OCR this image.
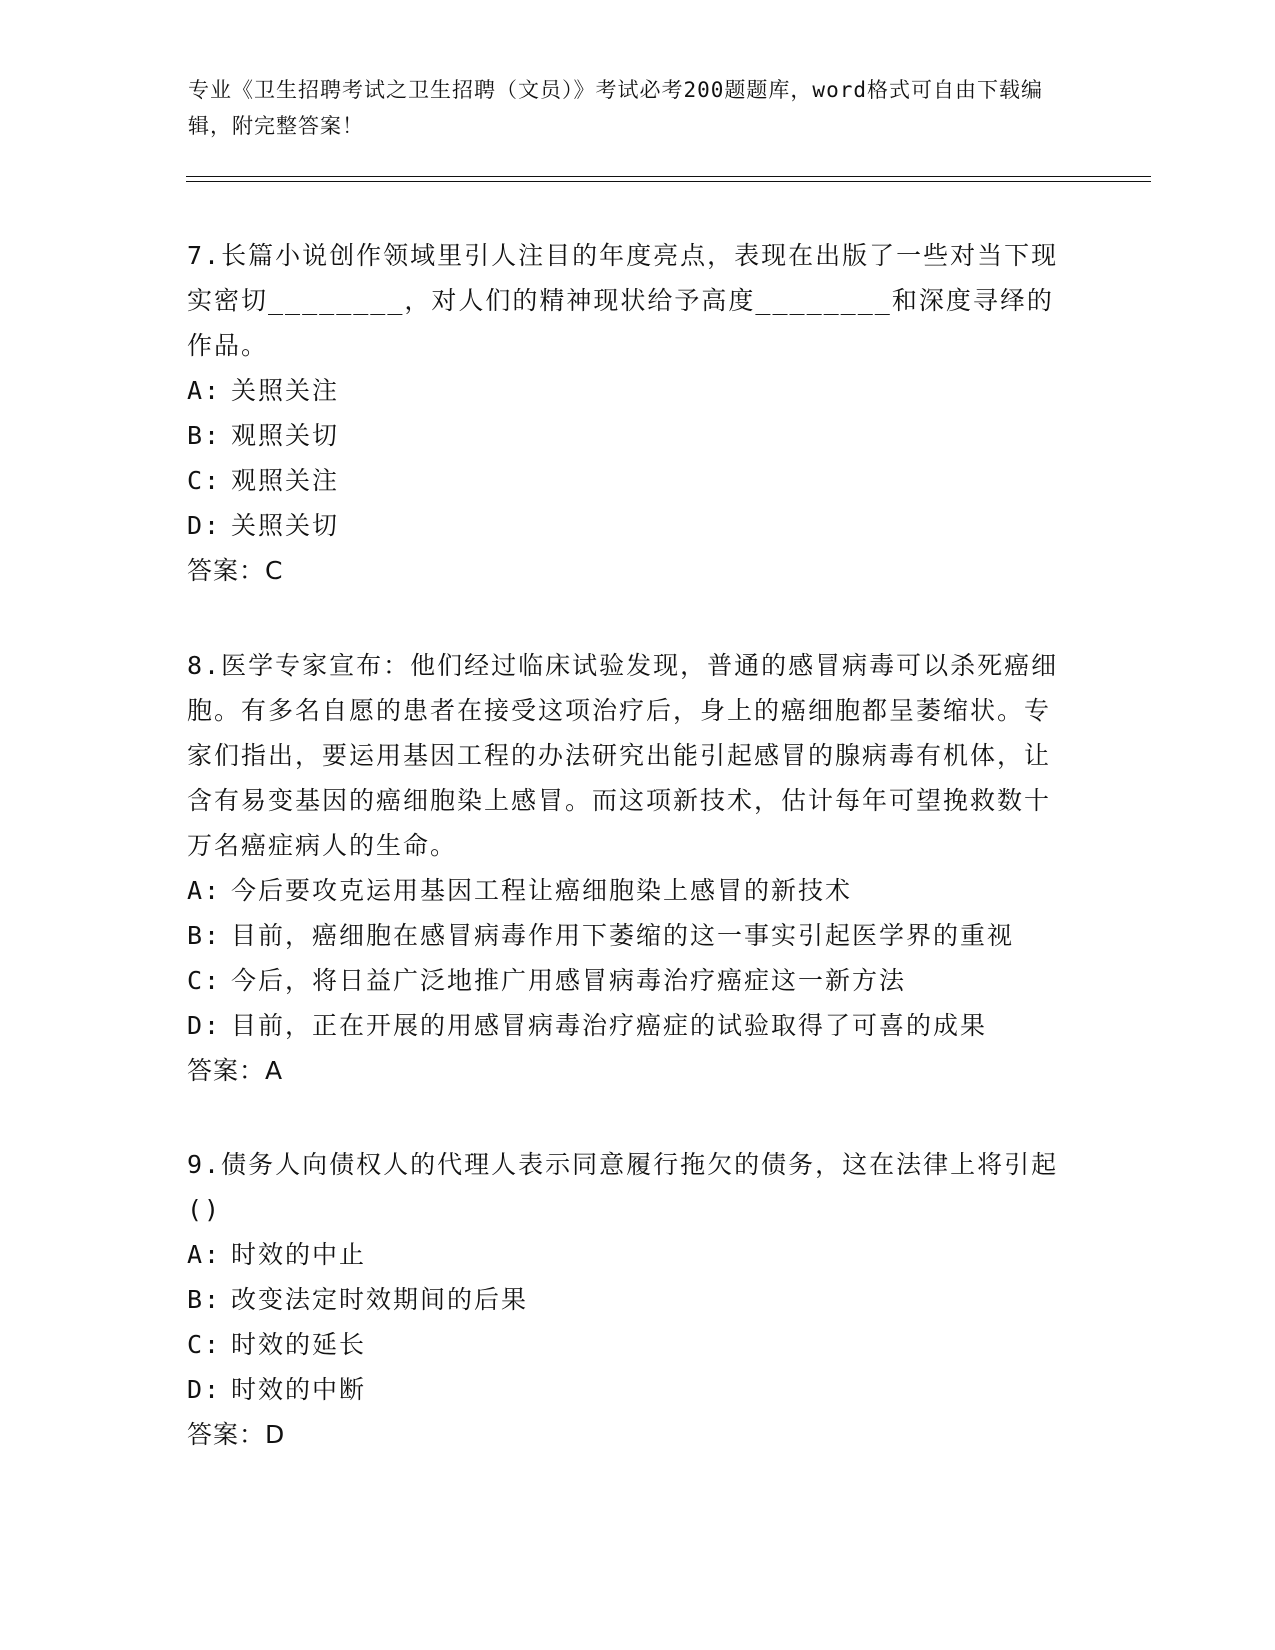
专业《卫生招聘考试之卫生招聘（文员）》考试必考200题题库，word格式可自由下载编辑，附完整答案！

7.长篇小说创作领域里引人注目的年度亮点，表现在出版了一些对当下现实密切________，对人们的精神现状给予高度________和深度寻绎的作品。

A: 关照关注

B: 观照关切

C: 观照关注

D: 关照关切

答案：C

8.医学专家宣布：他们经过临床试验发现，普通的感冒病毒可以杀死癌细胞。有多名自愿的患者在接受这项治疗后，身上的癌细胞都呈萎缩状。专家们指出，要运用基因工程的办法研究出能引起感冒的腺病毒有机体，让含有易变基因的癌细胞染上感冒。而这项新技术，估计每年可望挽救数十万名癌症病人的生命。

A: 今后要攻克运用基因工程让癌细胞染上感冒的新技术

B: 目前，癌细胞在感冒病毒作用下萎缩的这一事实引起医学界的重视

C: 今后，将日益广泛地推广用感冒病毒治疗癌症这一新方法

D: 目前，正在开展的用感冒病毒治疗癌症的试验取得了可喜的成果

答案：A

9.债务人向债权人的代理人表示同意履行拖欠的债务，这在法律上将引起()

A: 时效的中止

B: 改变法定时效期间的后果

C: 时效的延长

D: 时效的中断

答案：D
